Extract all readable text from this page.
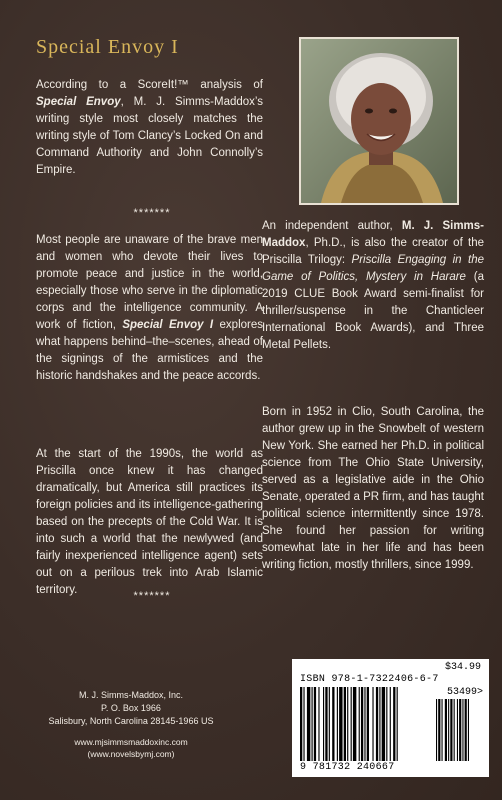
Special Envoy I

According to a ScoreIt!™ analysis of Special Envoy, M. J. Simms-Maddox’s writing style most closely matches the writing style of Tom Clancy’s Locked On and Command Authority and John Connolly’s Empire.

*******

Most people are unaware of the brave men and women who devote their lives to promote peace and justice in the world, especially those who serve in the diplomatic corps and the intelligence community. A work of fiction, Special Envoy I explores what happens behind–the–scenes, ahead of the signings of the armistices and the historic handshakes and the peace accords.

At the start of the 1990s, the world as Priscilla once knew it has changed dramatically, but America still practices its foreign policies and its intelligence-gathering based on the precepts of the Cold War. It is into such a world that the newlywed (and fairly inexperienced intelligence agent) sets out on a perilous trek into Arab Islamic territory.	*******

An independent author, M. J. Simms-Maddox, Ph.D., is also the creator of the Priscilla Trilogy: Priscilla Engaging in the Game of Politics, Mystery in Harare (a 2019 CLUE Book Award semi-finalist for thriller/suspense in the Chanticleer International Book Awards), and Three Metal Pellets.

Born in 1952 in Clio, South Carolina, the author grew up in the Snowbelt of western New York. She earned her Ph.D. in political science from The Ohio State University, served as a legislative aide in the Ohio Senate, operated a PR firm, and has taught political science intermittently since 1978. She found her passion for writing somewhat late in her life and has been writing fiction, mostly thrillers, since 1999.

M. J. Simms-Maddox, Inc.
P. O. Box 1966
Salisbury, North Carolina 28145-1966 US
www.mjsimmsmaddoxinc.com
(www.novelsbymj.com)
$34.99
ISBN 978-1-7322406-6-7
53499>
9 781732 240667
